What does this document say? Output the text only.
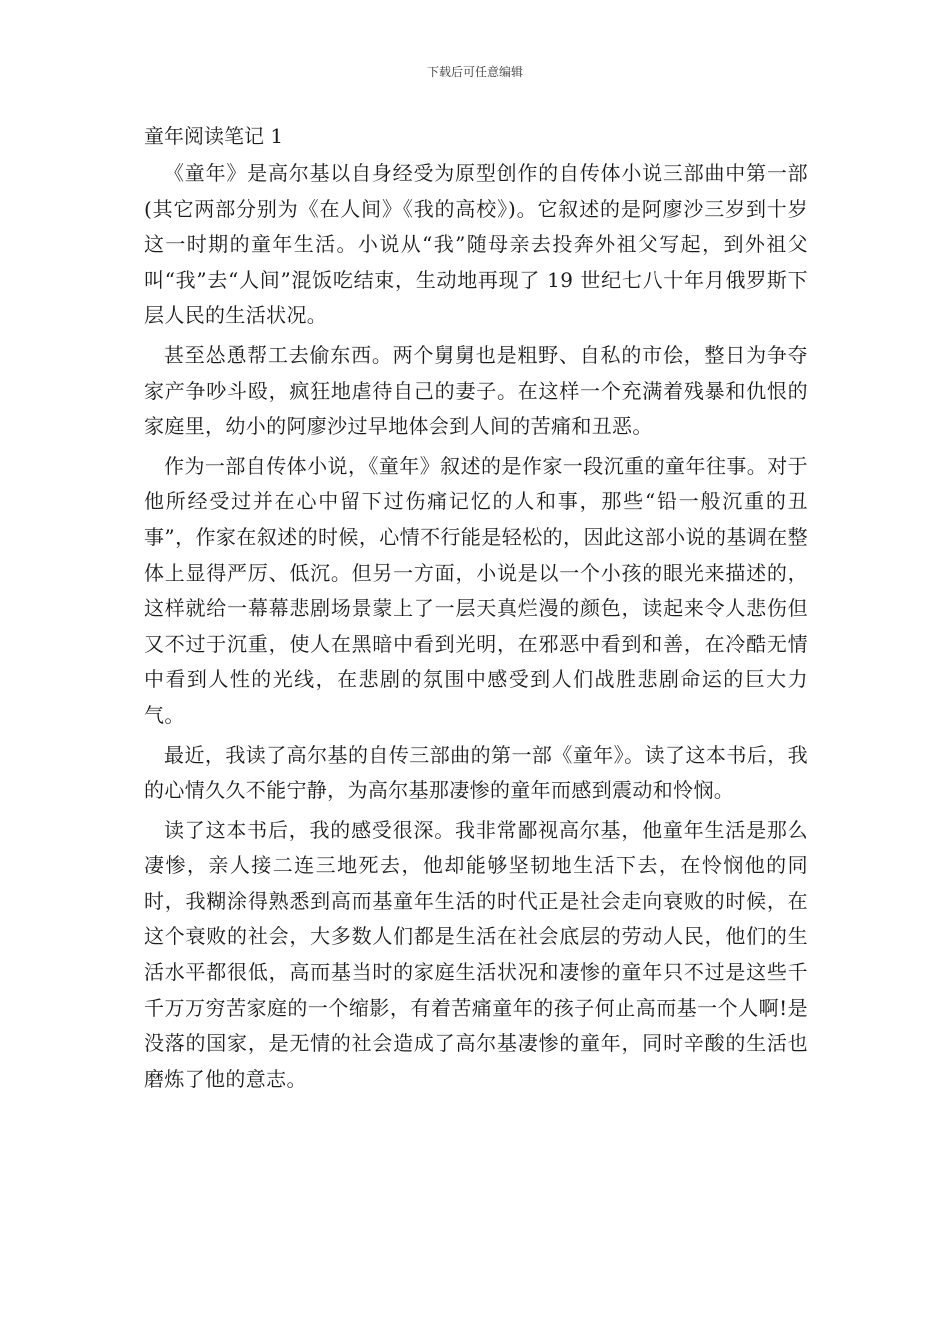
下载后可任意编辑
童年阅读笔记 1

《童年》是高尔基以自身经受为原型创作的自传体小说三部曲中第一部(其它两部分别为《在人间》《我的高校》)。它叙述的是阿廖沙三岁到十岁这一时期的童年生活。小说从“我”随母亲去投奔外祖父写起，到外祖父叫“我”去“人间”混饭吃结束，生动地再现了 19 世纪七八十年月俄罗斯下层人民的生活状况。

甚至怂恿帮工去偷东西。两个舅舅也是粗野、自私的市侩，整日为争夺家产争吵斗殴，疯狂地虐待自己的妻子。在这样一个充满着残暴和仇恨的家庭里，幼小的阿廖沙过早地体会到人间的苦痛和丑恶。

作为一部自传体小说，《童年》叙述的是作家一段沉重的童年往事。对于他所经受过并在心中留下过伤痛记忆的人和事，那些“铅一般沉重的丑事”，作家在叙述的时候，心情不行能是轻松的，因此这部小说的基调在整体上显得严厉、低沉。但另一方面，小说是以一个小孩的眼光来描述的，这样就给一幕幕悲剧场景蒙上了一层天真烂漫的颜色，读起来令人悲伤但又不过于沉重，使人在黑暗中看到光明，在邪恶中看到和善，在冷酷无情中看到人性的光线，在悲剧的氛围中感受到人们战胜悲剧命运的巨大力气。

最近，我读了高尔基的自传三部曲的第一部《童年》。读了这本书后，我的心情久久不能宁静，为高尔基那凄惨的童年而感到震动和怜悯。

读了这本书后，我的感受很深。我非常鄙视高尔基，他童年生活是那么凄惨，亲人接二连三地死去，他却能够坚韧地生活下去，在怜悯他的同时，我糊涂得熟悉到高而基童年生活的时代正是社会走向衰败的时候，在这个衰败的社会，大多数人们都是生活在社会底层的劳动人民，他们的生活水平都很低，高而基当时的家庭生活状况和凄惨的童年只不过是这些千千万万穷苦家庭的一个缩影，有着苦痛童年的孩子何止高而基一个人啊!是没落的国家，是无情的社会造成了高尔基凄惨的童年，同时辛酸的生活也磨炼了他的意志。
